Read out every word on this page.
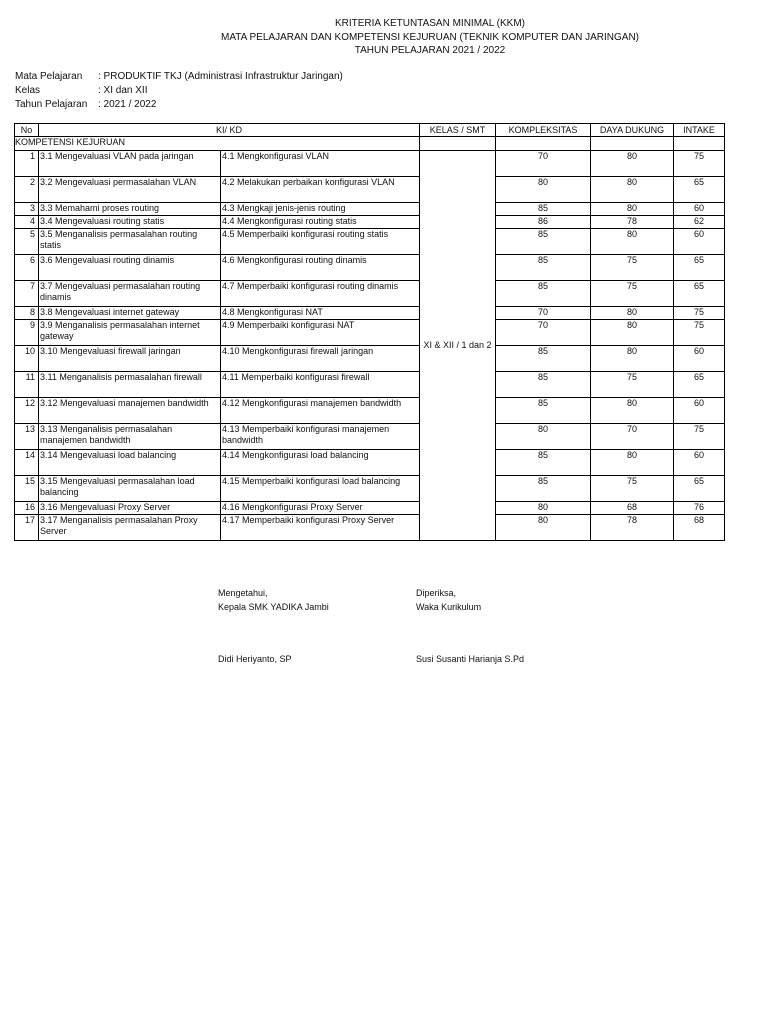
KRITERIA KETUNTASAN MINIMAL (KKM)
MATA PELAJARAN DAN KOMPETENSI KEJURUAN (TEKNIK KOMPUTER DAN JARINGAN)
TAHUN PELAJARAN 2021 / 2022
Mata Pelajaran	: PRODUKTIF TKJ (Administrasi Infrastruktur Jaringan)
Kelas	: XI dan XII
Tahun Pelajaran	: 2021 / 2022
No	KI/ KD		KELAS / SMT	KOMPLEKSITAS	DAYA DUKUNG	INTAKE
KOMPETENSI KEJURUAN						
1	3.1 Mengevaluasi VLAN pada jaringan	4.1 Mengkonfigurasi VLAN	XI & XII / 1 dan 2	70	80	75
2	3.2 Mengevaluasi permasalahan VLAN	4.2 Melakukan perbaikan konfigurasi VLAN		80	80	65
3	3.3 Memahami proses routing	4.3 Mengkaji jenis-jenis routing		85	80	60
4	3.4 Mengevaluasi routing statis	4.4 Mengkonfigurasi routing statis		86	78	62
5	3.5 Menganalisis permasalahan routing statis	4.5 Memperbaiki konfigurasi routing statis		85	80	60
6	3.6 Mengevaluasi routing dinamis	4.6 Mengkonfigurasi routing dinamis		85	75	65
7	3.7 Mengevaluasi permasalahan routing dinamis	4.7 Memperbaiki konfigurasi routing dinamis		85	75	65
8	3.8 Mengevaluasi internet gateway	4.8 Mengkonfigurasi NAT		70	80	75
9	3.9 Menganalisis permasalahan internet gateway	4.9 Memperbaiki konfigurasi NAT		70	80	75
10	3.10 Mengevaluasi firewall jaringan	4.10 Mengkonfigurasi firewall jaringan		85	80	60
11	3.11 Menganalisis permasalahan firewall	4.11 Memperbaiki konfigurasi firewall		85	75	65
12	3.12 Mengevaluasi manajemen bandwidth	4.12 Mengkonfigurasi manajemen bandwidth		85	80	60
13	3.13 Menganalisis permasalahan manajemen bandwidth	4.13 Memperbaiki konfigurasi manajemen bandwidth		80	70	75
14	3.14 Mengevaluasi load balancing	4.14 Mengkonfigurasi load balancing		85	80	60
15	3.15 Mengevaluasi permasalahan load balancing	4.15 Memperbaiki konfigurasi load balancing		85	75	65
16	3.16 Mengevaluasi Proxy Server	4.16 Mengkonfigurasi Proxy Server		80	68	76
17	3.17 Menganalisis permasalahan Proxy Server	4.17 Memperbaiki konfigurasi Proxy Server		80	78	68
Mengetahui,
Kepala SMK YADIKA Jambi
Didi Heriyanto, SP
Diperiksa,
Waka Kurikulum
Susi Susanti Harianja S.Pd
